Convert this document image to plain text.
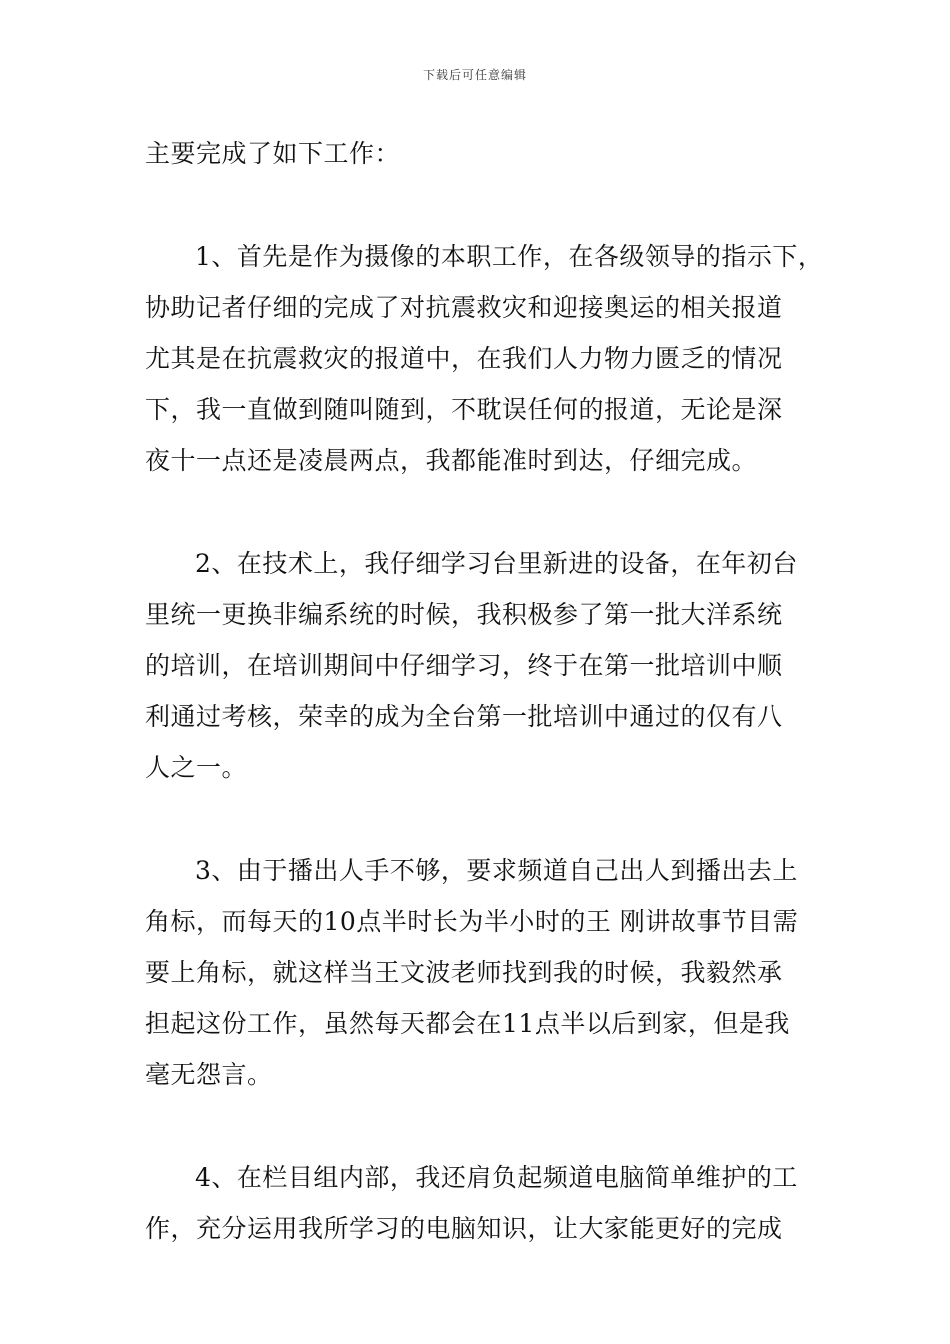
下载后可任意编辑
主要完成了如下工作：
1、首先是作为摄像的本职工作，在各级领导的指示下，
协助记者仔细的完成了对抗震救灾和迎接奥运的相关报道
尤其是在抗震救灾的报道中，在我们人力物力匮乏的情况
下，我一直做到随叫随到，不耽误任何的报道，无论是深
夜十一点还是凌晨两点，我都能准时到达，仔细完成。
2、在技术上，我仔细学习台里新进的设备，在年初台
里统一更换非编系统的时候，我积极参了第一批大洋系统
的培训，在培训期间中仔细学习，终于在第一批培训中顺
利通过考核，荣幸的成为全台第一批培训中通过的仅有八
人之一。
3、由于播出人手不够，要求频道自己出人到播出去上
角标，而每天的10点半时长为半小时的王 刚讲故事节目需
要上角标，就这样当王文波老师找到我的时候，我毅然承
担起这份工作，虽然每天都会在11点半以后到家，但是我
毫无怨言。
4、在栏目组内部，我还肩负起频道电脑简单维护的工
作，充分运用我所学习的电脑知识，让大家能更好的完成
